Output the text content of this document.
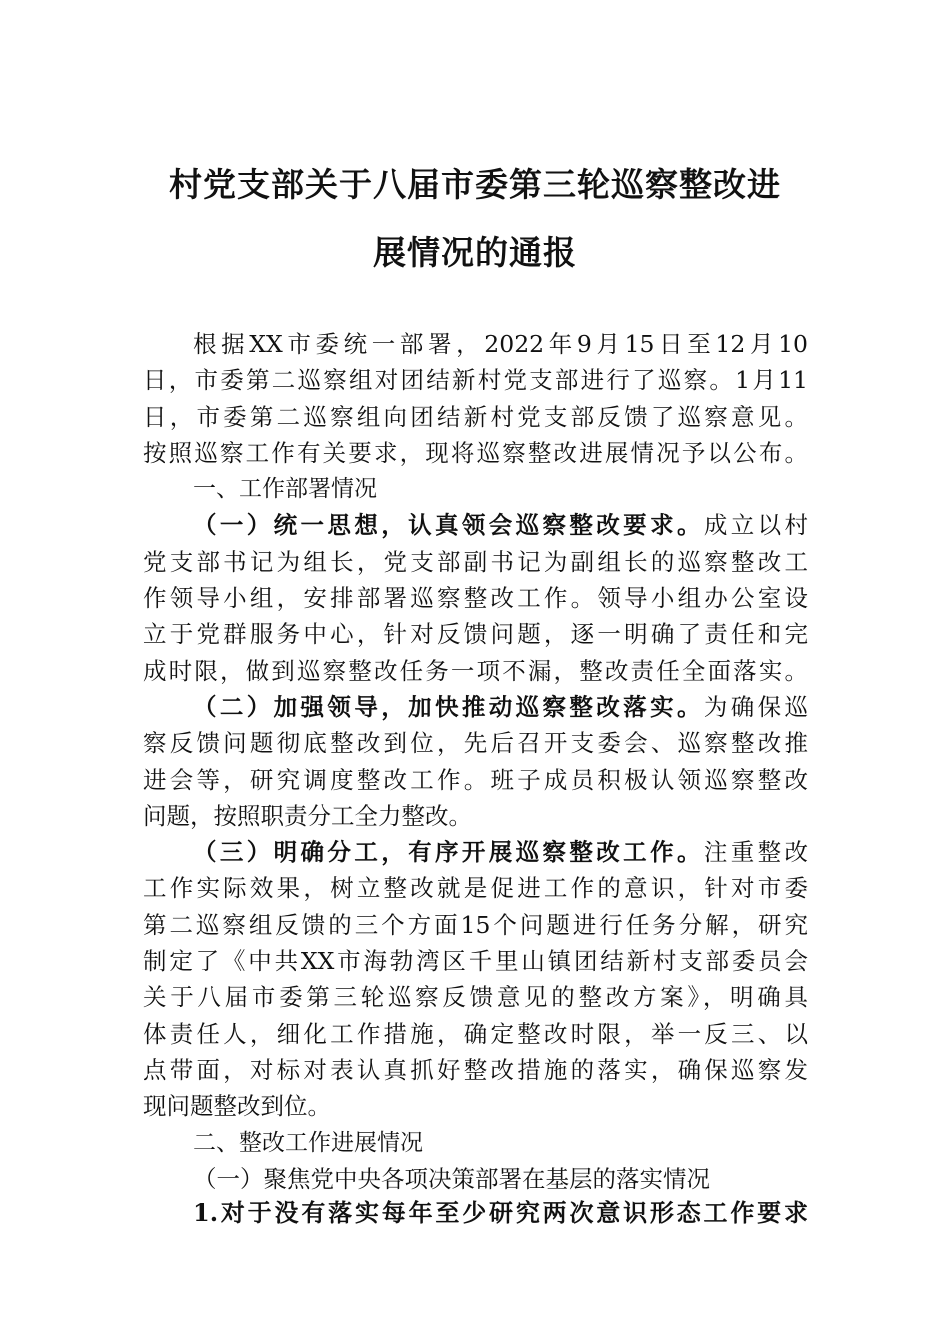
村党支部关于八届市委第三轮巡察整改进
展情况的通报
根据XX市委统一部署，2022年9月15日至12月10
日，市委第二巡察组对团结新村党支部进行了巡察。1月11
日，市委第二巡察组向团结新村党支部反馈了巡察意见。
按照巡察工作有关要求，现将巡察整改进展情况予以公布。
一、工作部署情况
（一）统一思想，认真领会巡察整改要求。成立以村
党支部书记为组长，党支部副书记为副组长的巡察整改工
作领导小组，安排部署巡察整改工作。领导小组办公室设
立于党群服务中心，针对反馈问题，逐一明确了责任和完
成时限，做到巡察整改任务一项不漏，整改责任全面落实。
（二）加强领导，加快推动巡察整改落实。为确保巡
察反馈问题彻底整改到位，先后召开支委会、巡察整改推
进会等，研究调度整改工作。班子成员积极认领巡察整改
问题，按照职责分工全力整改。
（三）明确分工，有序开展巡察整改工作。注重整改
工作实际效果，树立整改就是促进工作的意识，针对市委
第二巡察组反馈的三个方面15个问题进行任务分解，研究
制定了《中共XX市海勃湾区千里山镇团结新村支部委员会
关于八届市委第三轮巡察反馈意见的整改方案》，明确具
体责任人，细化工作措施，确定整改时限，举一反三、以
点带面，对标对表认真抓好整改措施的落实，确保巡察发
现问题整改到位。
二、整改工作进展情况
（一）聚焦党中央各项决策部署在基层的落实情况
1.对于没有落实每年至少研究两次意识形态工作要求
